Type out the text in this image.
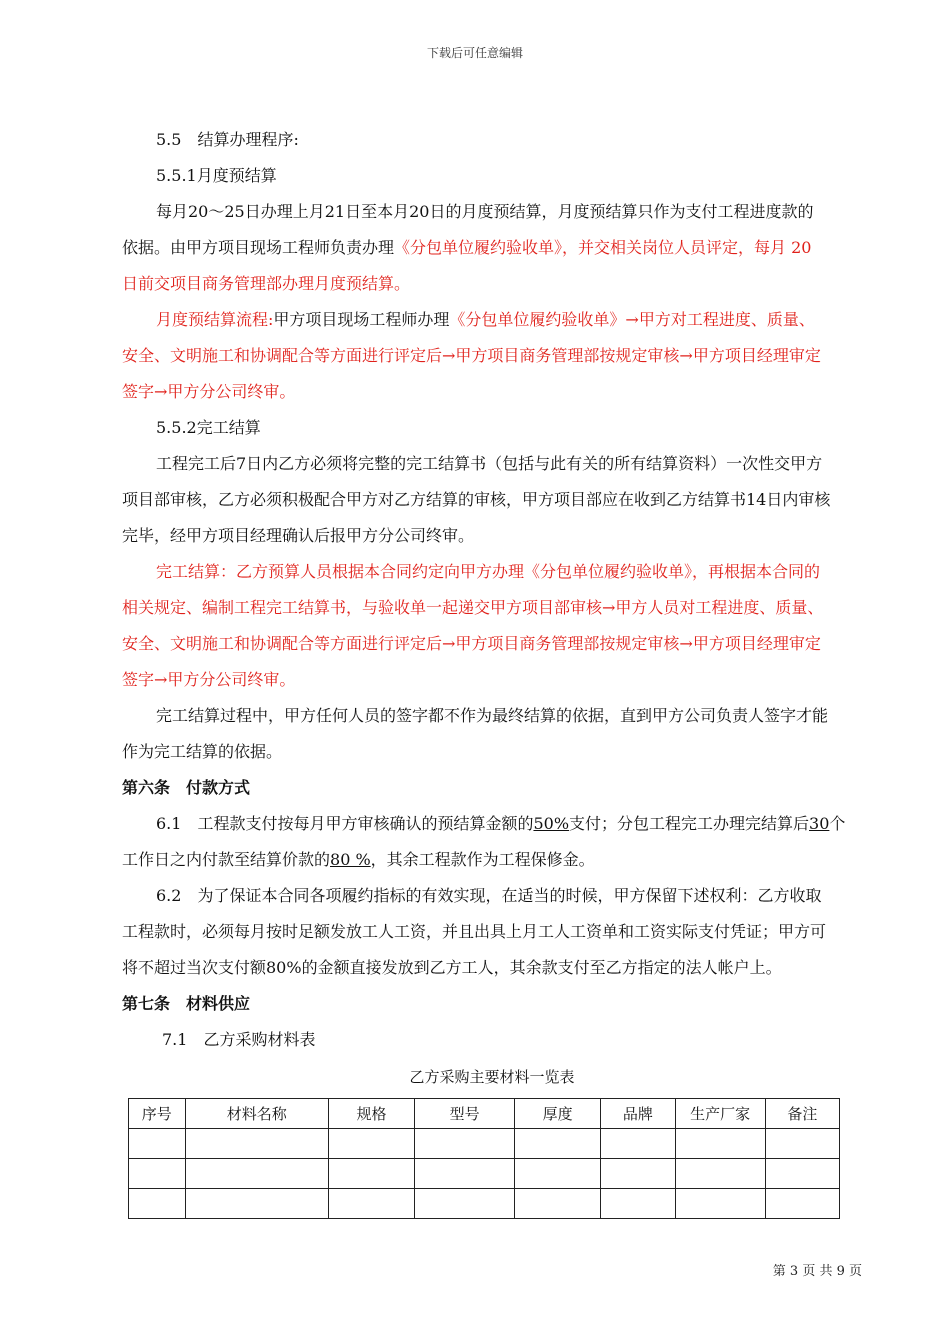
下载后可任意编辑
5.5　结算办理程序:
5.5.1月度预结算
每月20～25日办理上月21日至本月20日的月度预结算，月度预结算只作为支付工程进度款的
依据。由甲方项目现场工程师负责办理《分包单位履约验收单》，并交相关岗位人员评定，每月 20
日前交项目商务管理部办理月度预结算。
月度预结算流程:甲方项目现场工程师办理《分包单位履约验收单》→甲方对工程进度、质量、
安全、文明施工和协调配合等方面进行评定后→甲方项目商务管理部按规定审核→甲方项目经理审定
签字→甲方分公司终审。
5.5.2完工结算
工程完工后7日内乙方必须将完整的完工结算书（包括与此有关的所有结算资料）一次性交甲方
项目部审核，乙方必须积极配合甲方对乙方结算的审核，甲方项目部应在收到乙方结算书14日内审核
完毕，经甲方项目经理确认后报甲方分公司终审。
完工结算：乙方预算人员根据本合同约定向甲方办理《分包单位履约验收单》，再根据本合同的
相关规定、编制工程完工结算书，与验收单一起递交甲方项目部审核→甲方人员对工程进度、质量、
安全、文明施工和协调配合等方面进行评定后→甲方项目商务管理部按规定审核→甲方项目经理审定
签字→甲方分公司终审。
完工结算过程中，甲方任何人员的签字都不作为最终结算的依据，直到甲方公司负责人签字才能
作为完工结算的依据。
第六条　付款方式
6.1　工程款支付按每月甲方审核确认的预结算金额的50%支付；分包工程完工办理完结算后30个
工作日之内付款至结算价款的80 %，其余工程款作为工程保修金。
6.2　为了保证本合同各项履约指标的有效实现，在适当的时候，甲方保留下述权利：乙方收取
工程款时，必须每月按时足额发放工人工资，并且出具上月工人工资单和工资实际支付凭证；甲方可
将不超过当次支付额80%的金额直接发放到乙方工人，其余款支付至乙方指定的法人帐户上。
第七条　材料供应
7.1　乙方采购材料表
乙方采购主要材料一览表
序号	材料名称	规格	型号	厚度	品牌	生产厂家	备注

第 3 页 共 9 页
